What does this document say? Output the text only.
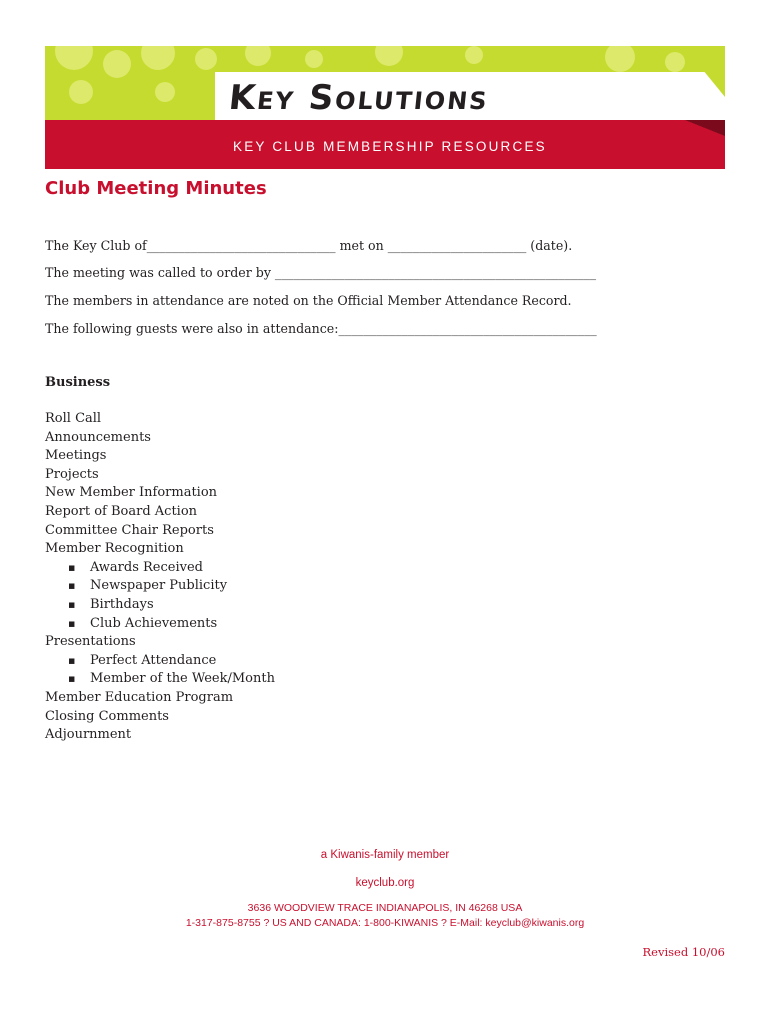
Key Solutions
KEY CLUB MEMBERSHIP RESOURCES
Club Meeting Minutes
The Key Club of______________________________ met on ______________________ (date).
The meeting was called to order by ___________________________________________________
The members in attendance are noted on the Official Member Attendance Record.
The following guests were also in attendance:_________________________________________
Business
Roll Call
Announcements
Meetings
Projects
New Member Information
Report of Board Action
Committee Chair Reports
Member Recognition
▪ Awards Received
▪ Newspaper Publicity
▪ Birthdays
▪ Club Achievements
Presentations
▪ Perfect Attendance
▪ Member of the Week/Month
Member Education Program
Closing Comments
Adjournment
a Kiwanis-family member
keyclub.org
3636 WOODVIEW TRACE INDIANAPOLIS, IN 46268 USA
1-317-875-8755 ? US AND CANADA: 1-800-KIWANIS ? E-Mail: keyclub@kiwanis.org
Revised 10/06
